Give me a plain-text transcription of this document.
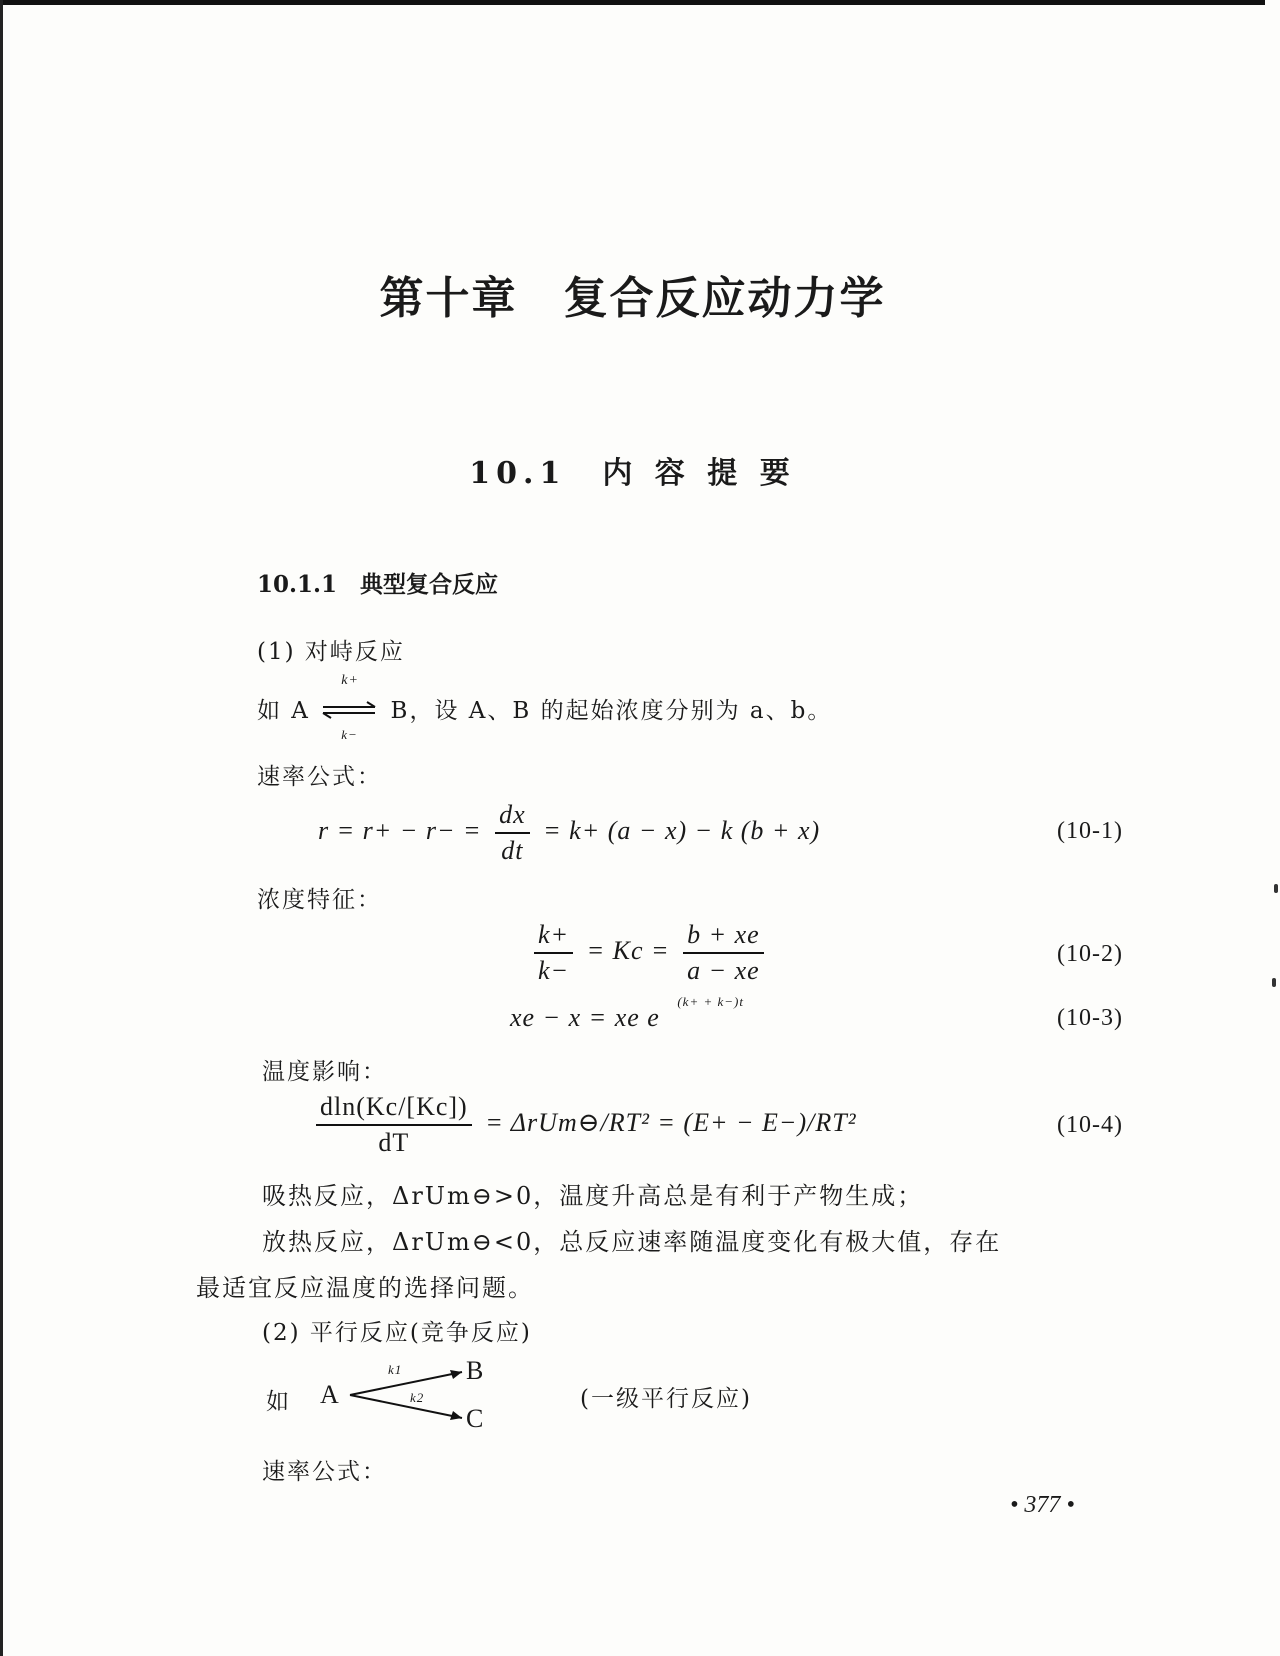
第十章　复合反应动力学
10.1　内 容 提 要
10.1.1　典型复合反应
(1) 对峙反应
如 A
k+
k−
B，设 A、B 的起始浓度分别为 a、b。
速率公式：
$r = r+ - r- = \frac{dx}{dt} = k+ (a - x) - k$ (b + x)	(10-1)
浓度特征：
$\frac{k+}{k-} = Kc = \frac{b + xe}{a - xe}$	(10-2)
xe − x = xe e $^{(k+ + k-)t}$
(10-3)
温度影响：
$\frac{dln(Kc/[Kc])}{dT}$ = ΔrUm⊖/RT² = (E+ − E−)/RT²	(10-4)
吸热反应，ΔrUm⊖>0，温度升高总是有利于产物生成；
放热反应，ΔrUm⊖<0，总反应速率随温度变化有极大值，存在
最适宜反应温度的选择问题。
(2) 平行反应(竞争反应)
如 A
B
C
k1
k2	(一级平行反应)
速率公式：
• 377 •
